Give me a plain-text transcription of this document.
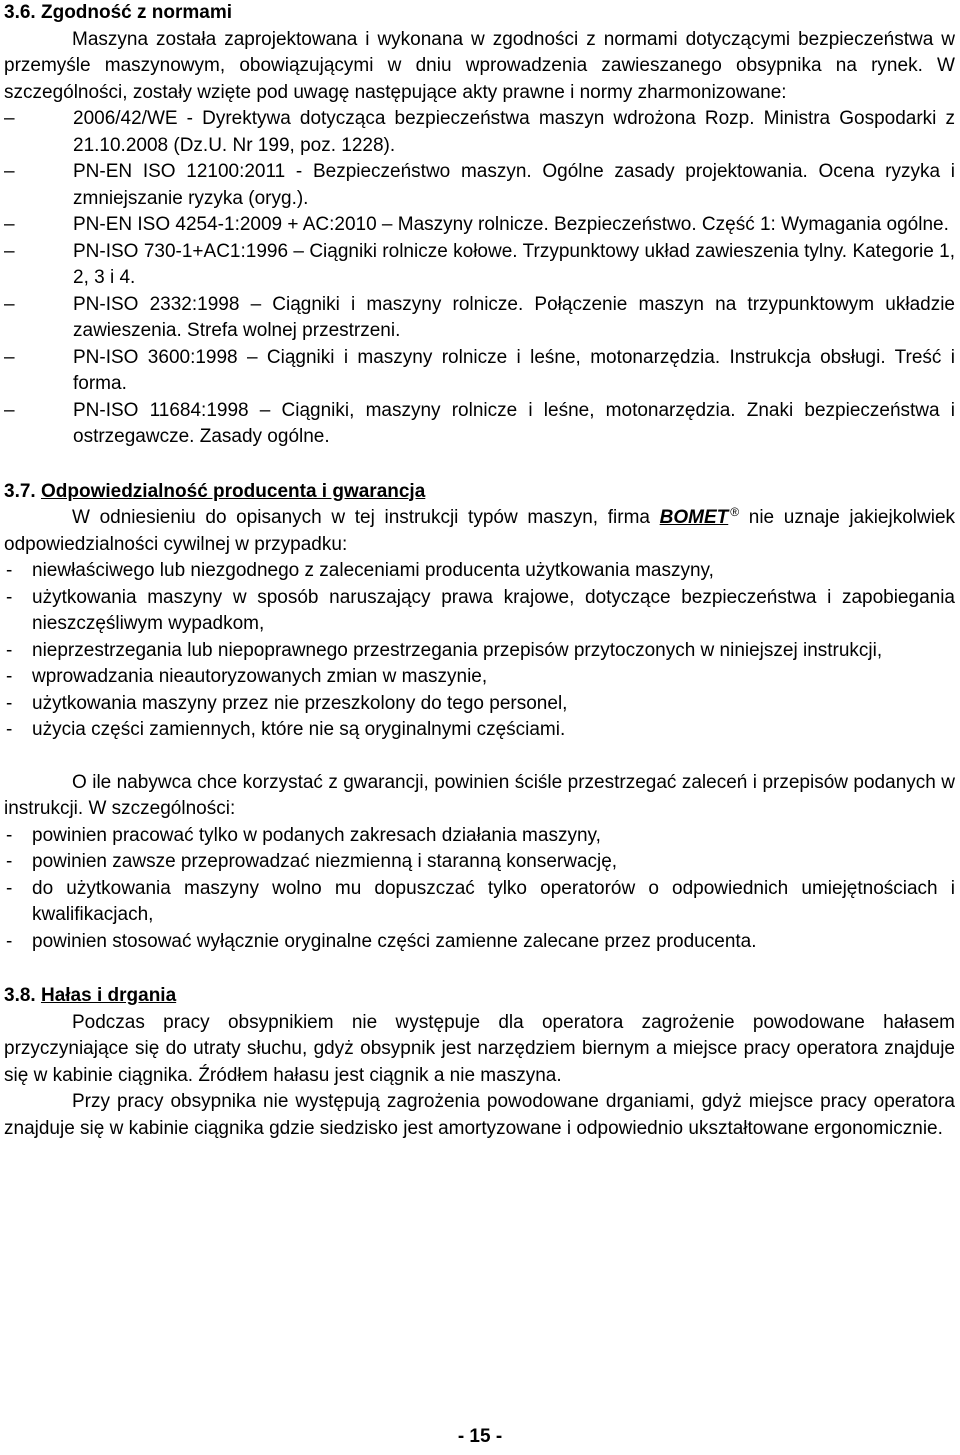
3.6. Zgodność z normami

Maszyna została zaprojektowana i wykonana w zgodności z normami dotyczącymi bezpieczeństwa w przemyśle maszynowym, obowiązującymi w dniu wprowadzenia zawieszanego obsypnika na rynek. W szczególności, zostały wzięte pod uwagę następujące akty prawne i normy zharmonizowane:

–	2006/42/WE - Dyrektywa dotycząca bezpieczeństwa maszyn wdrożona Rozp. Ministra Gospodarki z 21.10.2008 (Dz.U. Nr 199, poz. 1228).
–	PN-EN ISO 12100:2011 - Bezpieczeństwo maszyn. Ogólne zasady projektowania. Ocena ryzyka i zmniejszanie ryzyka (oryg.).
–	PN-EN ISO 4254-1:2009 + AC:2010 – Maszyny rolnicze. Bezpieczeństwo. Część 1: Wymagania ogólne.
–	PN-ISO 730-1+AC1:1996 – Ciągniki rolnicze kołowe. Trzypunktowy układ zawieszenia tylny. Kategorie 1, 2, 3 i 4.
–	PN-ISO 2332:1998 – Ciągniki i maszyny rolnicze. Połączenie maszyn na trzypunktowym układzie zawieszenia. Strefa wolnej przestrzeni.
–	PN-ISO 3600:1998 – Ciągniki i maszyny rolnicze i leśne, motonarzędzia. Instrukcja obsługi. Treść i forma.
–	PN-ISO 11684:1998 – Ciągniki, maszyny rolnicze i leśne, motonarzędzia. Znaki bezpieczeństwa i ostrzegawcze. Zasady ogólne.
3.7. Odpowiedzialność producenta i gwarancja

W odniesieniu do opisanych w tej instrukcji typów maszyn, firma BOMET ® nie uznaje jakiejkolwiek odpowiedzialności cywilnej w przypadku:

- niewłaściwego lub niezgodnego z zaleceniami producenta użytkowania maszyny,
- użytkowania maszyny w sposób naruszający prawa krajowe, dotyczące bezpieczeństwa i zapobiegania nieszczęśliwym wypadkom,
- nieprzestrzegania lub niepoprawnego przestrzegania przepisów przytoczonych w niniejszej instrukcji,
- wprowadzania nieautoryzowanych zmian w maszynie,
- użytkowania maszyny przez nie przeszkolony do tego personel,
- użycia części zamiennych, które nie są oryginalnymi częściami.

O ile nabywca chce korzystać z gwarancji, powinien ściśle przestrzegać zaleceń i przepisów podanych w instrukcji. W szczególności:

- powinien pracować tylko w podanych zakresach działania maszyny,
- powinien zawsze przeprowadzać niezmienną i staranną konserwację,
- do użytkowania maszyny wolno mu dopuszczać tylko operatorów o odpowiednich umiejętnościach i kwalifikacjach,
- powinien stosować wyłącznie oryginalne części zamienne zalecane przez producenta.
3.8. Hałas i drgania

Podczas pracy obsypnikiem nie występuje dla operatora zagrożenie powodowane hałasem przyczyniające się do utraty słuchu, gdyż obsypnik jest narzędziem biernym a miejsce pracy operatora znajduje się w kabinie ciągnika. Źródłem hałasu jest ciągnik a nie maszyna.

Przy pracy obsypnika nie występują zagrożenia powodowane drganiami, gdyż miejsce pracy operatora znajduje się w kabinie ciągnika gdzie siedzisko jest amortyzowane i odpowiednio ukształtowane ergonomicznie.

- 15 -
